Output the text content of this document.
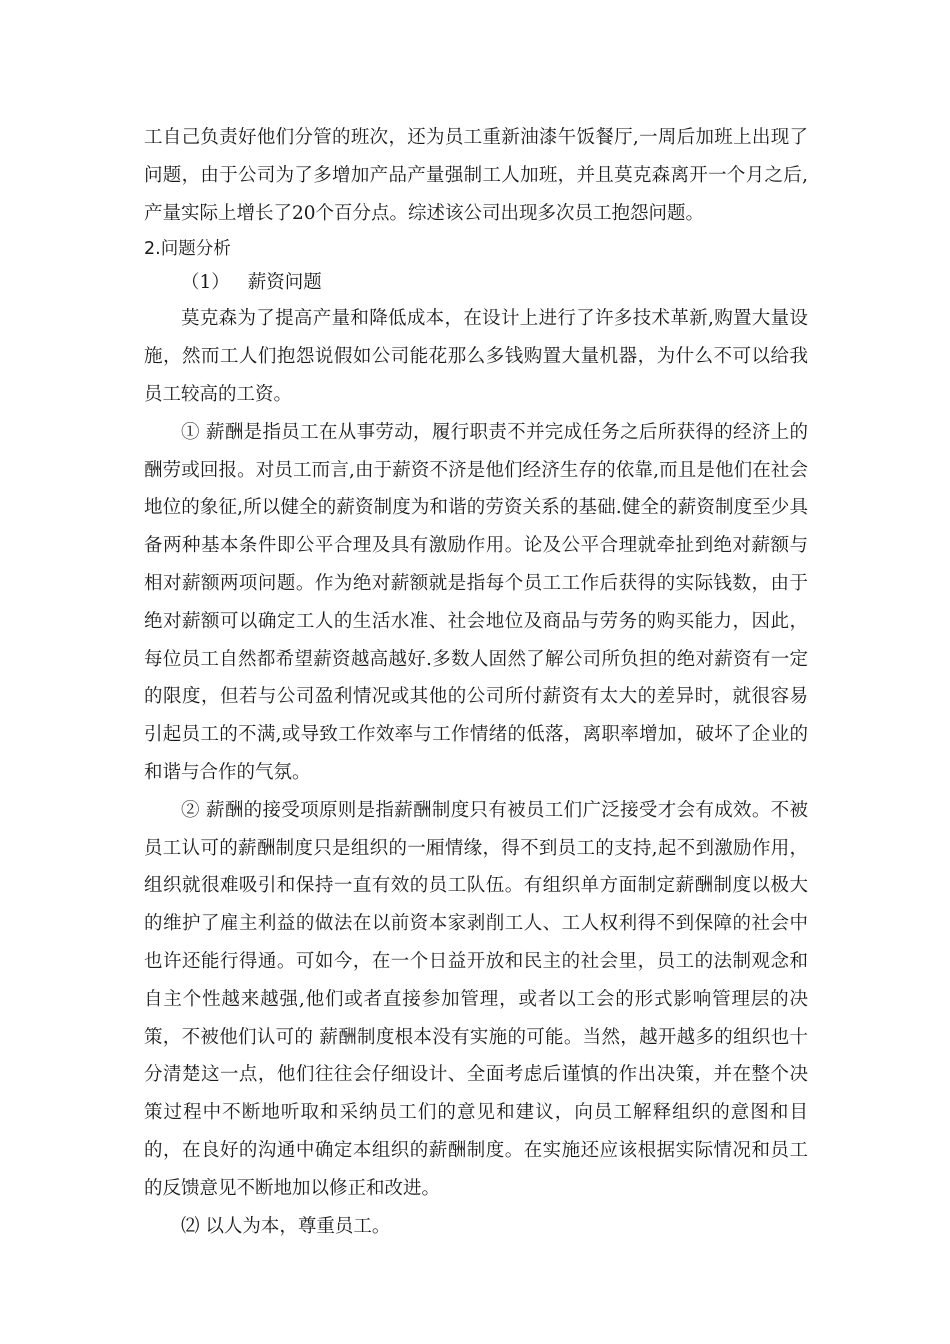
工自己负责好他们分管的班次，还为员工重新油漆午饭餐厅,一周后加班上出现了问题，由于公司为了多增加产品产量强制工人加班，并且莫克森离开一个月之后,产量实际上增长了20个百分点。综述该公司出现多次员工抱怨问题。

2.问题分析

（1） 薪资问题

莫克森为了提高产量和降低成本，在设计上进行了许多技术革新,购置大量设施，然而工人们抱怨说假如公司能花那么多钱购置大量机器，为什么不可以给我员工较高的工资。

① 薪酬是指员工在从事劳动，履行职责不并完成任务之后所获得的经济上的酬劳或回报。对员工而言,由于薪资不济是他们经济生存的依靠,而且是他们在社会地位的象征,所以健全的薪资制度为和谐的劳资关系的基础.健全的薪资制度至少具备两种基本条件即公平合理及具有激励作用。论及公平合理就牵扯到绝对薪额与相对薪额两项问题。作为绝对薪额就是指每个员工工作后获得的实际钱数，由于绝对薪额可以确定工人的生活水准、社会地位及商品与劳务的购买能力，因此，每位员工自然都希望薪资越高越好.多数人固然了解公司所负担的绝对薪资有一定的限度，但若与公司盈利情况或其他的公司所付薪资有太大的差异时，就很容易引起员工的不满,或导致工作效率与工作情绪的低落，离职率增加，破坏了企业的和谐与合作的气氛。

② 薪酬的接受项原则是指薪酬制度只有被员工们广泛接受才会有成效。不被员工认可的薪酬制度只是组织的一厢情缘，得不到员工的支持,起不到激励作用，组织就很难吸引和保持一直有效的员工队伍。有组织单方面制定薪酬制度以极大的维护了雇主利益的做法在以前资本家剥削工人、工人权利得不到保障的社会中也许还能行得通。可如今，在一个日益开放和民主的社会里，员工的法制观念和自主个性越来越强,他们或者直接参加管理，或者以工会的形式影响管理层的决策，不被他们认可的 薪酬制度根本没有实施的可能。当然，越开越多的组织也十分清楚这一点，他们往往会仔细设计、全面考虑后谨慎的作出决策，并在整个决策过程中不断地听取和采纳员工们的意见和建议，向员工解释组织的意图和目的，在良好的沟通中确定本组织的薪酬制度。在实施还应该根据实际情况和员工的反馈意见不断地加以修正和改进。

⑵ 以人为本，尊重员工。
